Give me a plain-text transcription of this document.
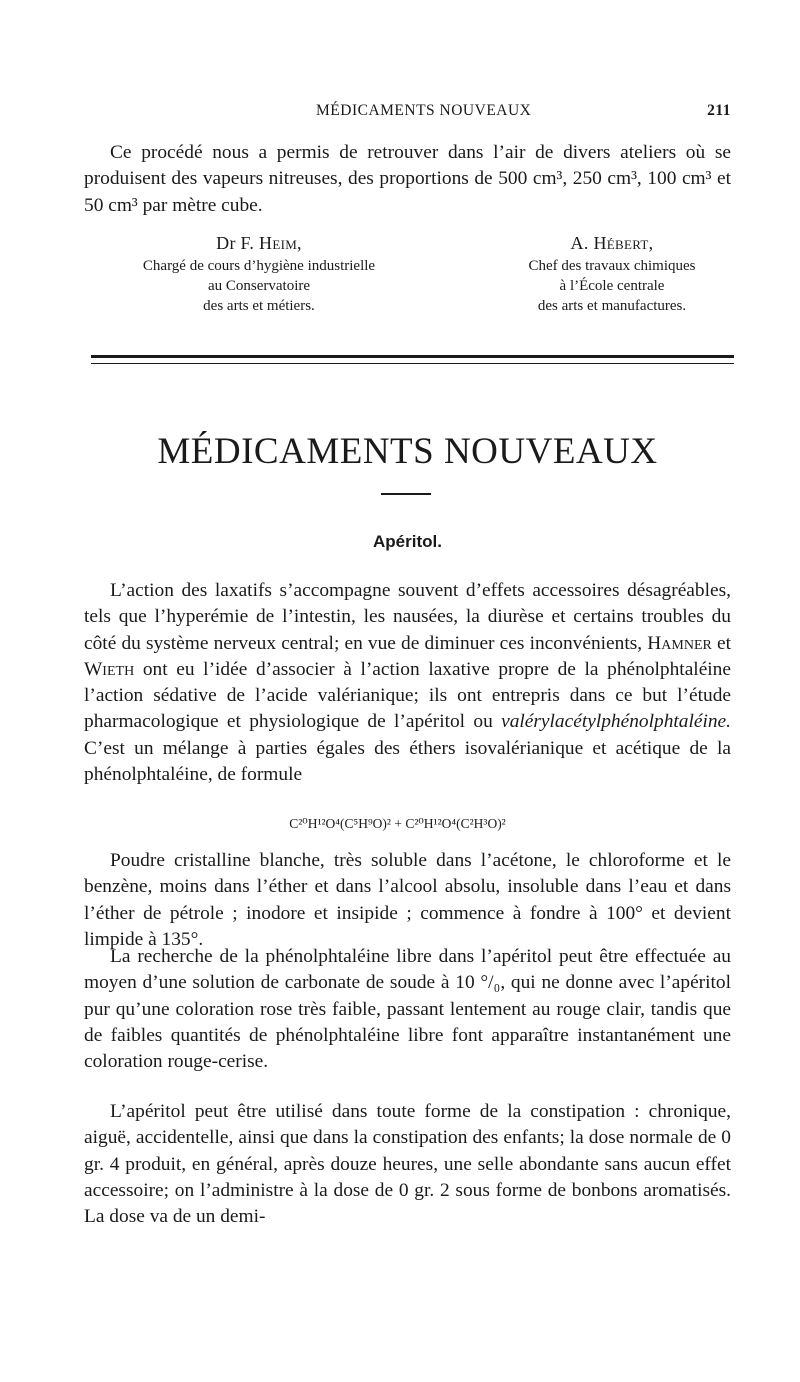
MÉDICAMENTS NOUVEAUX	211

Ce procédé nous a permis de retrouver dans l’air de divers ateliers où se produisent des vapeurs nitreuses, des proportions de 500 cm³, 250 cm³, 100 cm³ et 50 cm³ par mètre cube.

Dr F. Heim,
Chargé de cours d’hygiène industrielle
au Conservatoire
des arts et métiers.
A. Hébert,
Chef des travaux chimiques
à l’École centrale
des arts et manufactures.
MÉDICAMENTS NOUVEAUX
Apéritol.

L’action des laxatifs s’accompagne souvent d’effets accessoires désagréables, tels que l’hyperémie de l’intestin, les nausées, la diurèse et certains troubles du côté du système nerveux central; en vue de diminuer ces inconvénients, Hamner et Wieth ont eu l’idée d’associer à l’action laxative propre de la phénolphtaléine l’action sédative de l’acide valérianique; ils ont entrepris dans ce but l’étude pharmacologique et physiologique de l’apéritol ou valérylacétylphénolphtaléine. C’est un mélange à parties égales des éthers isovalérianique et acétique de la phénolphtaléine, de formule

C²⁰H¹²O⁴(C⁵H⁹O)² + C²⁰H¹²O⁴(C²H³O)²

Poudre cristalline blanche, très soluble dans l’acétone, le chloroforme et le benzène, moins dans l’éther et dans l’alcool absolu, insoluble dans l’eau et dans l’éther de pétrole ; inodore et insipide ; commence à fondre à 100° et devient limpide à 135°.

La recherche de la phénolphtaléine libre dans l’apéritol peut être effectuée au moyen d’une solution de carbonate de soude à 10 °/₀, qui ne donne avec l’apéritol pur qu’une coloration rose très faible, passant lentement au rouge clair, tandis que de faibles quantités de phénolphtaléine libre font apparaître instantanément une coloration rouge-cerise.

L’apéritol peut être utilisé dans toute forme de la constipation : chronique, aiguë, accidentelle, ainsi que dans la constipation des enfants; la dose normale de 0 gr. 4 produit, en général, après douze heures, une selle abondante sans aucun effet accessoire; on l’administre à la dose de 0 gr. 2 sous forme de bonbons aromatisés. La dose va de un demi-
